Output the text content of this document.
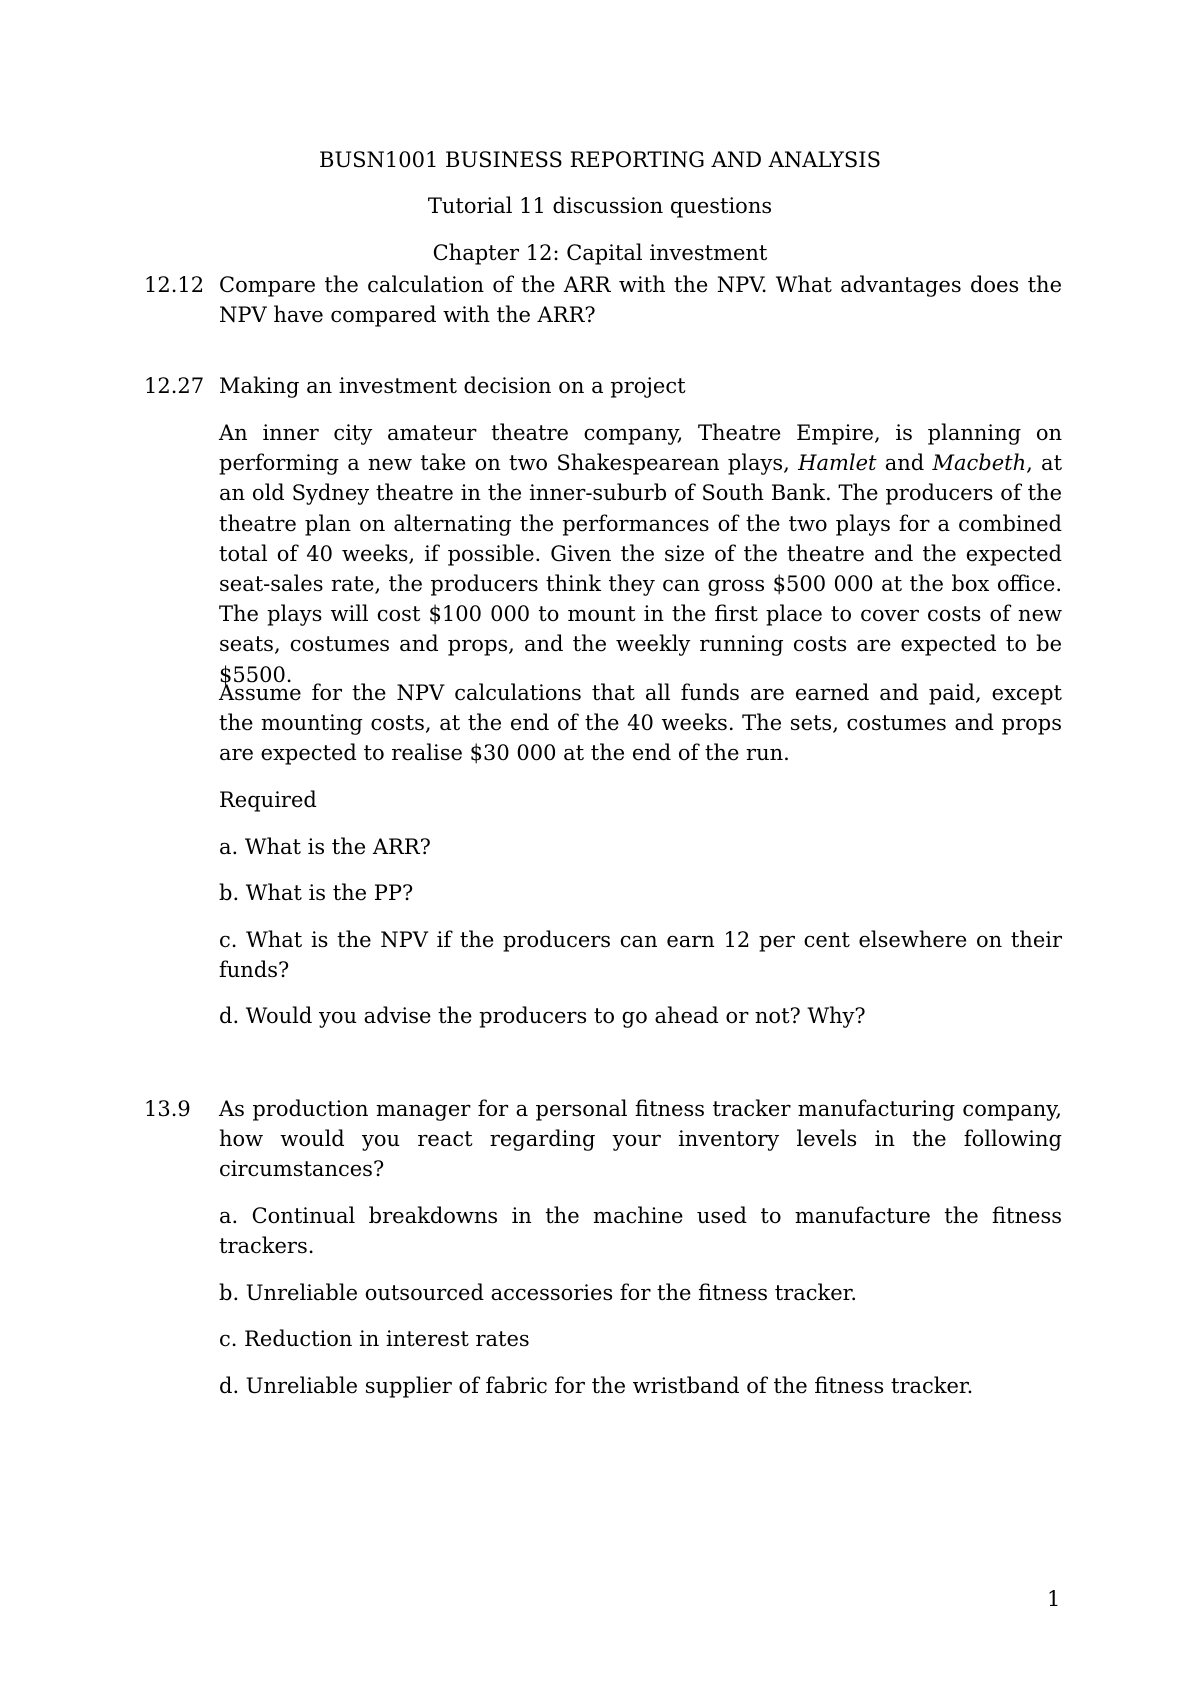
BUSN1001 BUSINESS REPORTING AND ANALYSIS
Tutorial 11 discussion questions
Chapter 12: Capital investment
12.12 Compare the calculation of the ARR with the NPV. What advantages does the NPV have compared with the ARR?

12.27 Making an investment decision on a project

An inner city amateur theatre company, Theatre Empire, is planning on performing a new take on two Shakespearean plays, Hamlet and Macbeth, at an old Sydney theatre in the inner-suburb of South Bank. The producers of the theatre plan on alternating the performances of the two plays for a combined total of 40 weeks, if possible. Given the size of the theatre and the expected seat-sales rate, the producers think they can gross $500 000 at the box office. The plays will cost $100 000 to mount in the first place to cover costs of new seats, costumes and props, and the weekly running costs are expected to be $5500.

Assume for the NPV calculations that all funds are earned and paid, except the mounting costs, at the end of the 40 weeks. The sets, costumes and props are expected to realise $30 000 at the end of the run.

Required

a. What is the ARR?

b. What is the PP?

c. What is the NPV if the producers can earn 12 per cent elsewhere on their funds?

d. Would you advise the producers to go ahead or not? Why?

13.9 As production manager for a personal fitness tracker manufacturing company, how would you react regarding your inventory levels in the following circumstances?

a. Continual breakdowns in the machine used to manufacture the fitness trackers.

b. Unreliable outsourced accessories for the fitness tracker.

c. Reduction in interest rates

d. Unreliable supplier of fabric for the wristband of the fitness tracker.

1
